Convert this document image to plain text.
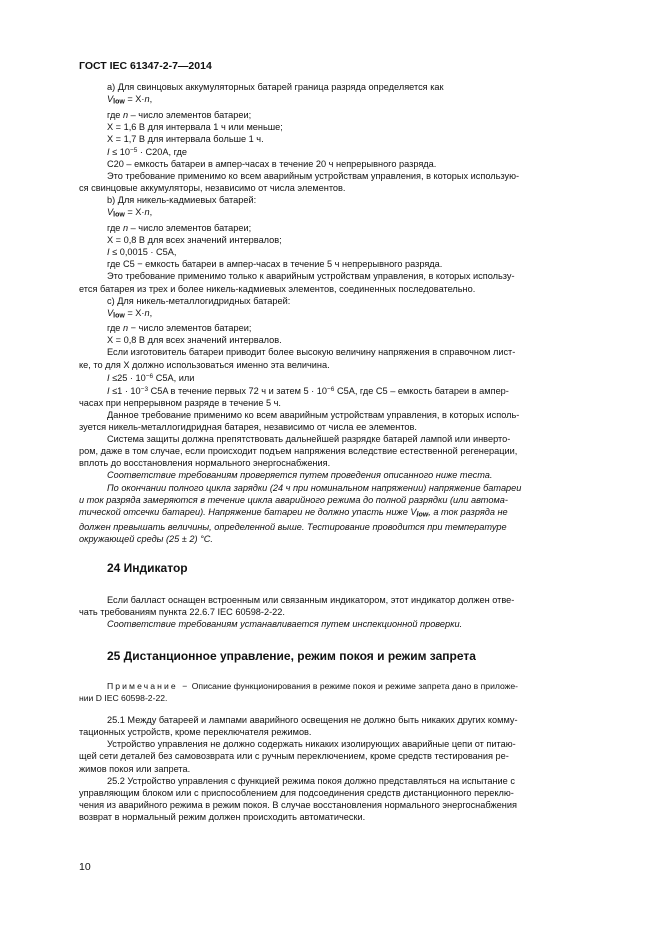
ГОСТ IEC 61347-2-7—2014

a) Для свинцовых аккумуляторных батарей граница разряда определяется как

$V_{low} = X\cdot n$,

где n – число элементов батареи;

X = 1,6 В для интервала 1 ч или меньше;

X = 1,7 В для интервала больше 1 ч.

$I \le 10^{-5} \cdot C20A$, где

С20 – емкость батареи в ампер-часах в течение 20 ч непрерывного разряда.

Это требование применимо ко всем аварийным устройствам управления, в которых использую-

ся свинцовые аккумуляторы, независимо от числа элементов.

b) Для никель-кадмиевых батарей:

$V_{low} = X\cdot n$,

где n – число элементов батареи;

X = 0,8 В для всех значений интервалов;

I ≤ 0,0015 · C5A,

где C5 − емкость батареи в ампер-часах в течение 5 ч непрерывного разряда.

Это требование применимо только к аварийным устройствам управления, в которых использу-

ется батарея из трех и более никель-кадмиевых элементов, соединенных последовательно.

c) Для никель-металлогидридных батарей:

$V_{low} = X\cdot n$,

где n − число элементов батареи;

X = 0,8 В для всех значений интервалов.

Если изготовитель батареи приводит более высокую величину напряжения в справочном лист-

ке, то для X должно использоваться именно эта величина.

$I \le 25 \cdot 10^{-6}$ C5A, или

$I \le 1 \cdot 10^{-3}$ C5A в течение первых 72 ч и затем $5 \cdot 10^{-6}$ C5A, где C5 – емкость батареи в ампер-

часах при непрерывном разряде в течение 5 ч.

Данное требование применимо ко всем аварийным устройствам управления, в которых исполь-

зуется никель-металлогидридная батарея, независимо от числа ее элементов.

Система защиты должна препятствовать дальнейшей разрядке батарей лампой или инверто-

ром, даже в том случае, если происходит подъем напряжения вследствие естественной регенерации,

вплоть до восстановления нормального энергоснабжения.

Соответствие требованиям проверяется путем проведения описанного ниже теста.

По окончании полного цикла зарядки (24 ч при номинальном напряжении) напряжение батареи

и ток разряда замеряются в течение цикла аварийного режима до полной разрядки (или автома-

тической отсечки батареи). Напряжение батареи не должно упасть ниже $V_{low}$, а ток разряда не

должен превышать величины, определенной выше. Тестирование проводится при температуре

окружающей среды (25 ± 2) °С.

24 Индикатор

Если балласт оснащен встроенным или связанным индикатором, этот индикатор должен отве-

чать требованиям пункта 22.6.7 IEC 60598-2-22.

Соответствие требованиям устанавливается путем инспекционной проверки.

25 Дистанционное управление, режим покоя и режим запрета

Примечание − Описание функционирования в режиме покоя и режиме запрета дано в приложе-

нии D IEC 60598-2-22.

25.1 Между батареей и лампами аварийного освещения не должно быть никаких других комму-

тационных устройств, кроме переключателя режимов.

Устройство управления не должно содержать никаких изолирующих аварийные цепи от питаю-

щей сети деталей без самовозврата или с ручным переключением, кроме средств тестирования ре-

жимов покоя или запрета.

25.2 Устройство управления с функцией режима покоя должно представляться на испытание с

управляющим блоком или с приспособлением для подсоединения средств дистанционного переклю-

чения из аварийного режима в режим покоя. В случае восстановления нормального энергоснабжения

возврат в нормальный режим должен происходить автоматически.

10
